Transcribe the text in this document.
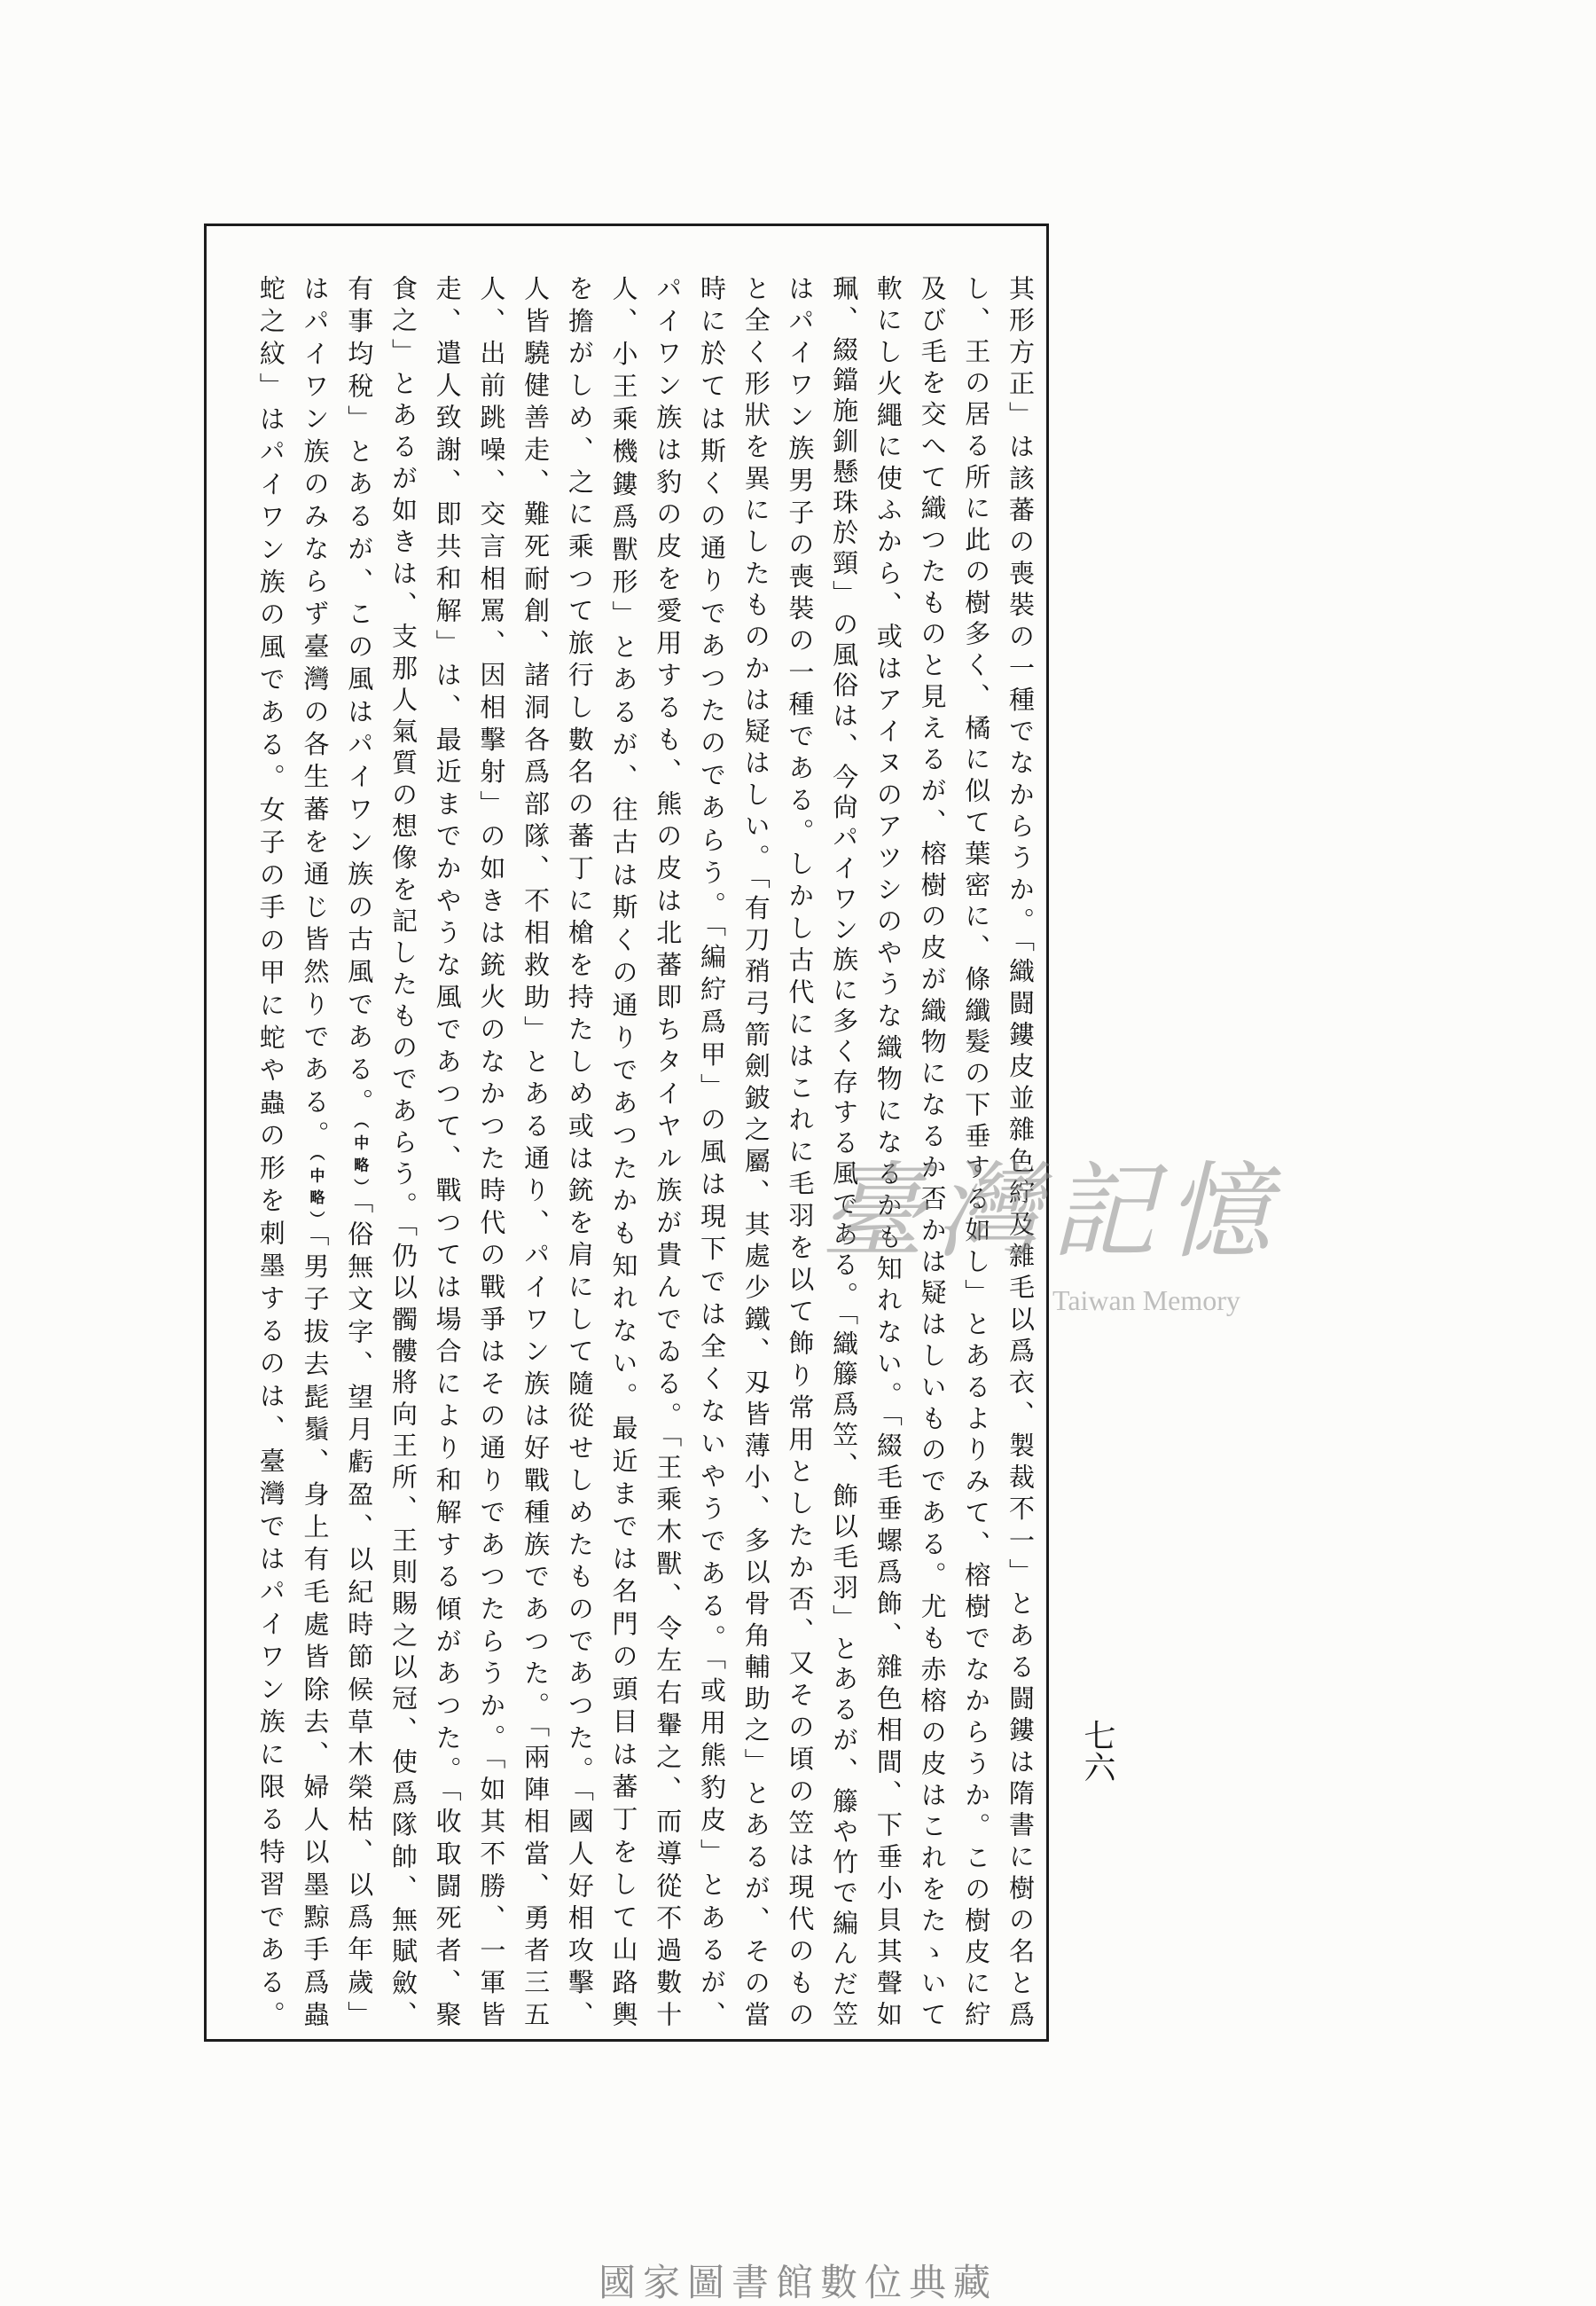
其形方正」は該蕃の喪裝の一種でなからうか。「織闘鏤皮並雜色紵及雜毛以爲衣、製裁不一」とある闘鏤は隋書に樹の名と爲
し、王の居る所に此の樹多く、橘に似て葉密に、條纖髮の下垂する如し」とあるよりみて、榕樹でなからうか。この樹皮に紵
及び毛を交へて織つたものと見えるが、榕樹の皮が織物になるか否かは疑はしいものである。尤も赤榕の皮はこれをたゝいて
軟にし火繩に使ふから、或はアイヌのアツシのやうな織物になるかも知れない。「綴毛垂螺爲飾、雜色相間、下垂小貝其聲如
珮、綴鐺施釧懸珠於頸」の風俗は、今尙パイワン族に多く存する風である。「織籐爲笠、飾以毛羽」とあるが、籐や竹で編んだ笠
はパイワン族男子の喪裝の一種である。しかし古代にはこれに毛羽を以て飾り常用としたか否、又その頃の笠は現代のもの
と全く形狀を異にしたものかは疑はしい。「有刀矟弓箭劍鈹之屬、其處少鐵、刄皆薄小、多以骨角輔助之」とあるが、その當
時に於ては斯くの通りであつたのであらう。「編紵爲甲」の風は現下では全くないやうである。「或用熊豹皮」とあるが、
パイワン族は豹の皮を愛用するも、熊の皮は北蕃即ちタイヤル族が貴んでゐる。「王乘木獸、令左右轝之、而導從不過數十
人、小王乘機鏤爲獸形」とあるが、往古は斯くの通りであつたかも知れない。最近までは名門の頭目は蕃丁をして山路輿
を擔がしめ、之に乘つて旅行し數名の蕃丁に槍を持たしめ或は銃を肩にして隨從せしめたものであつた。「國人好相攻擊、
人皆驍健善走、難死耐創、諸洞各爲部隊、不相救助」とある通り、パイワン族は好戰種族であつた。「兩陣相當、勇者三五
人、出前跳噪、交言相罵、因相擊射」の如きは銃火のなかつた時代の戰爭はその通りであつたらうか。「如其不勝、一軍皆
走、遣人致謝、即共和解」は、最近までかやうな風であつて、戰つては場合により和解する傾があつた。「收取闘死者、聚
食之」とあるが如きは、支那人氣質の想像を記したものであらう。「仍以髑髏將向王所、王則賜之以冠、使爲隊帥、無賦斂、
有事均稅」とあるが、この風はパイワン族の古風である。（中略）「俗無文字、望月虧盈、以紀時節候草木榮枯、以爲年歲」
はパイワン族のみならず臺灣の各生蕃を通じ皆然りである。（中略）「男子拔去髭鬚、身上有毛處皆除去、婦人以墨黥手爲蟲
蛇之紋」はパイワン族の風である。女子の手の甲に蛇や蟲の形を刺墨するのは、臺灣ではパイワン族に限る特習である。	七六
臺灣記憶
Taiwan Memory
國家圖書館數位典藏
